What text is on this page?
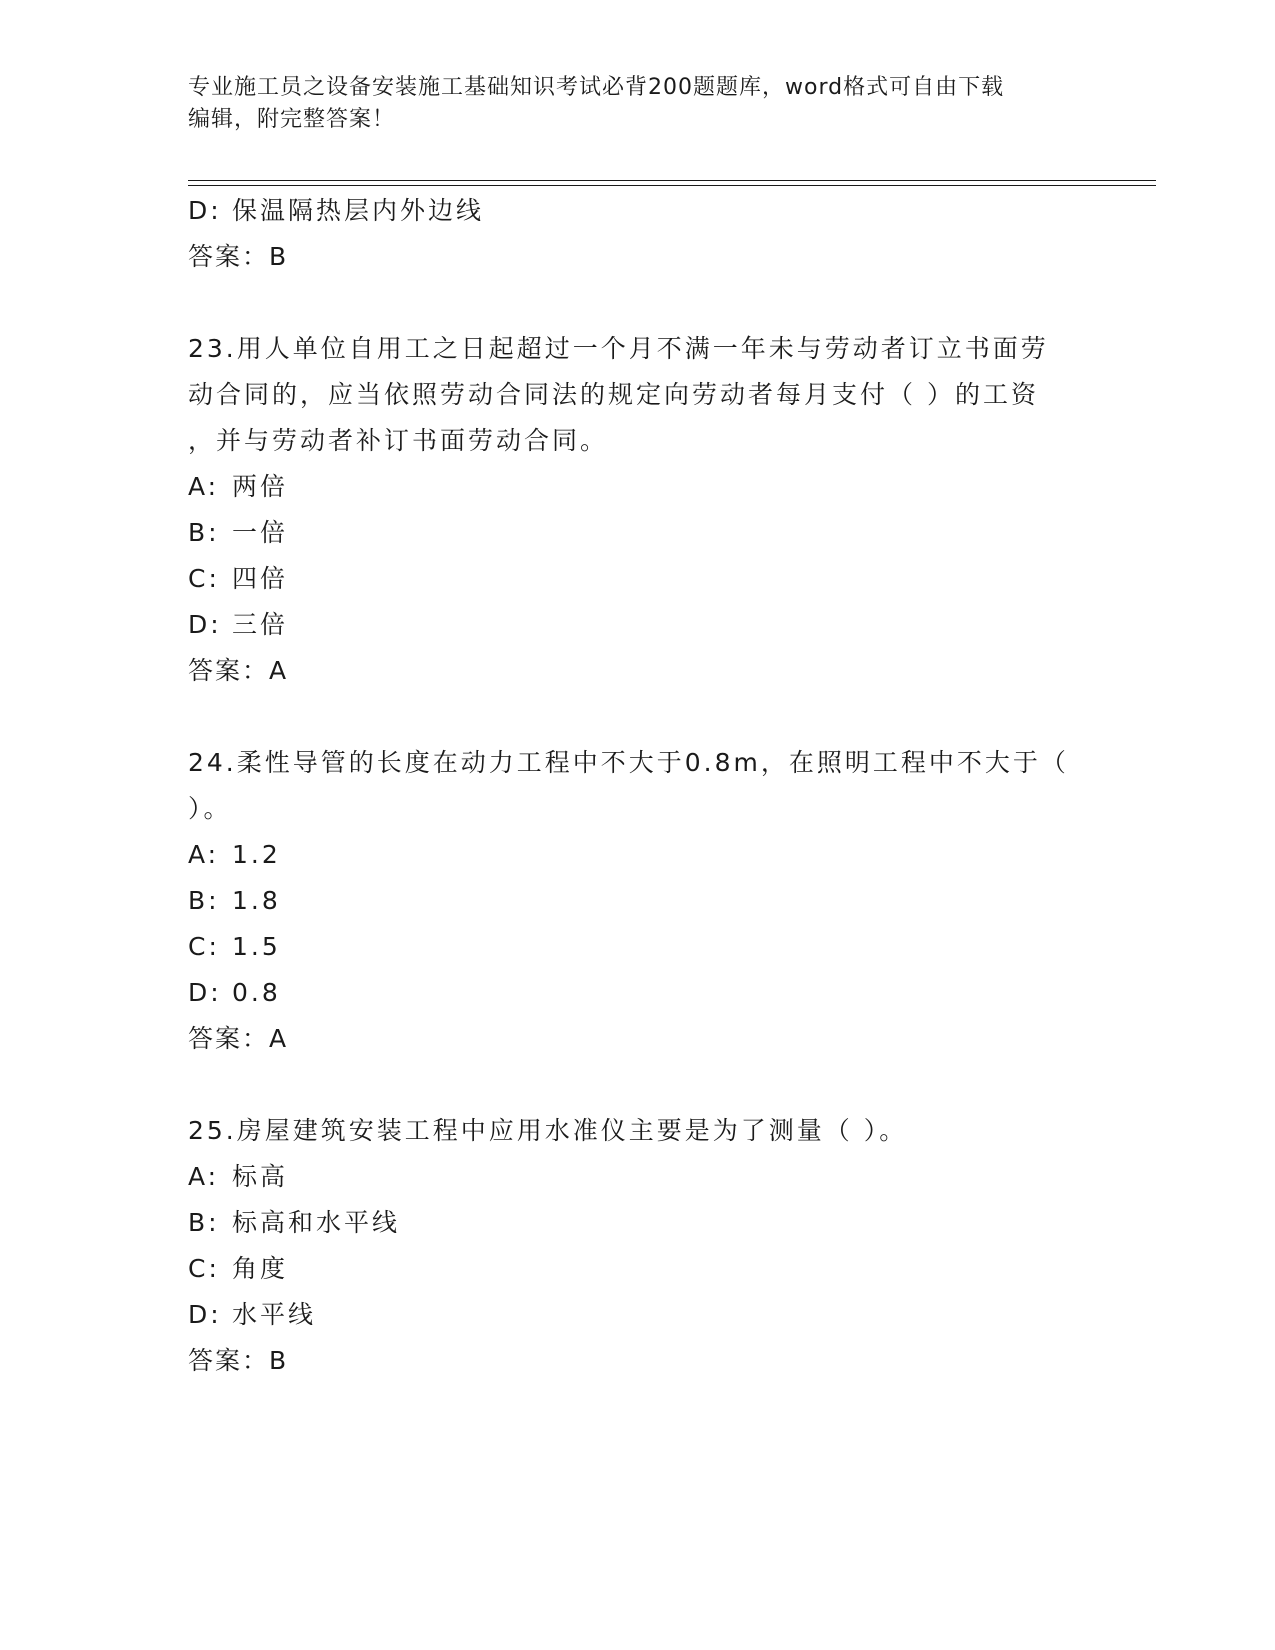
专业施工员之设备安装施工基础知识考试必背200题题库，word格式可自由下载
编辑，附完整答案！
D: 保温隔热层内外边线
答案：B
23.用人单位自用工之日起超过一个月不满一年未与劳动者订立书面劳
动合同的，应当依照劳动合同法的规定向劳动者每月支付（ ）的工资
，并与劳动者补订书面劳动合同。
A: 两倍
B: 一倍
C: 四倍
D: 三倍
答案：A
24.柔性导管的长度在动力工程中不大于0.8m，在照明工程中不大于（
）。
A: 1.2
B: 1.8
C: 1.5
D: 0.8
答案：A
25.房屋建筑安装工程中应用水准仪主要是为了测量（ ）。
A: 标高
B: 标高和水平线
C: 角度
D: 水平线
答案：B
